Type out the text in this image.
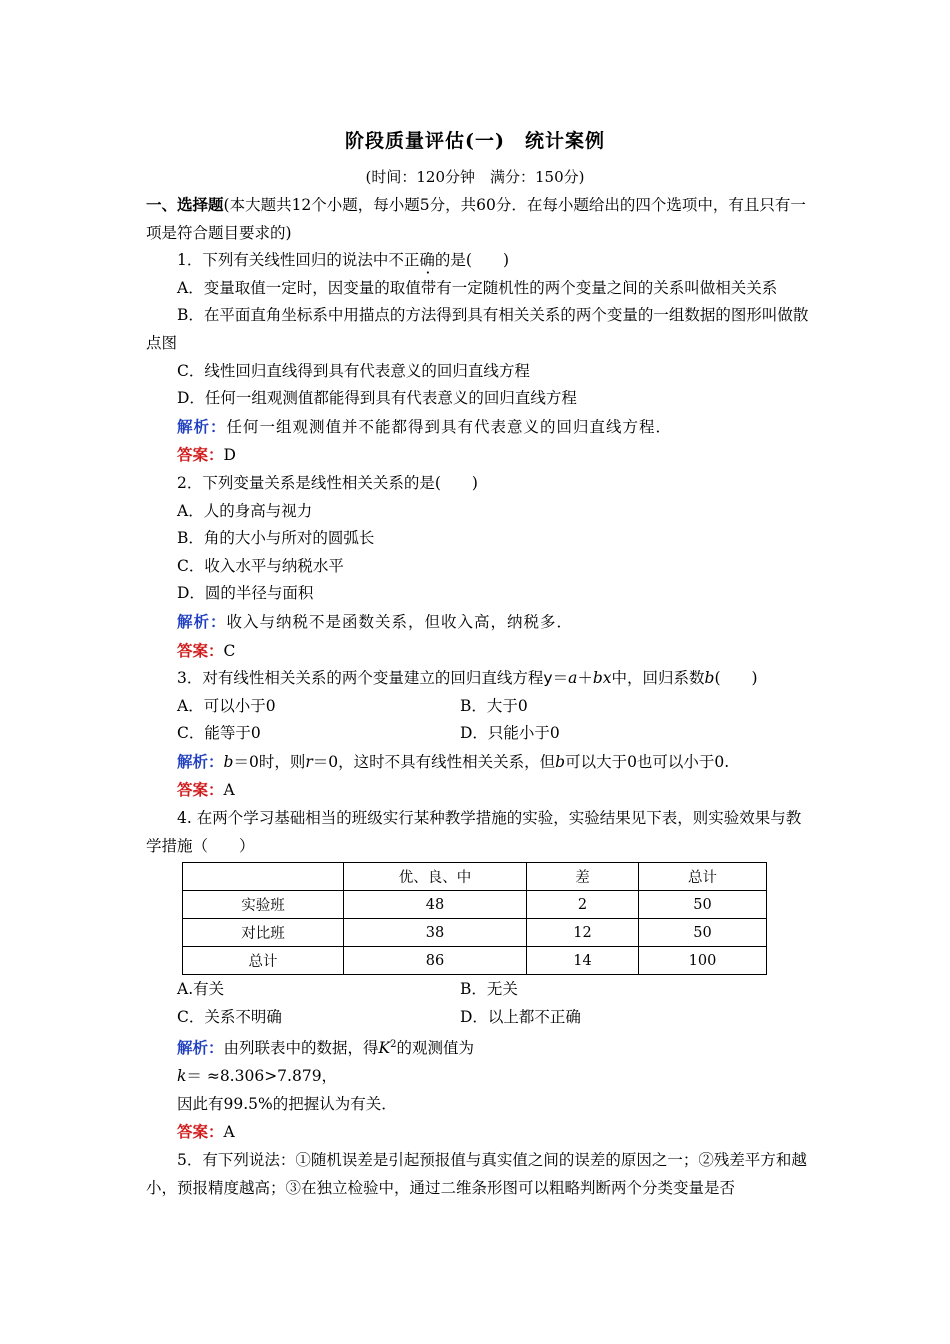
阶段质量评估(一)　统计案例
(时间：120分钟　满分：150分)

一、选择题(本大题共12个小题，每小题5分，共60分．在每小题给出的四个选项中，有且只有一项是符合题目要求的)

1．下列有关线性回归的说法中不 ·正确的是(　　)

A．变量取值一定时，因变量的取值带有一定随机性的两个变量之间的关系叫做相关关系

B．在平面直角坐标系中用描点的方法得到具有相关关系的两个变量的一组数据的图形叫做散点图

C．线性回归直线得到具有代表意义的回归直线方程

D．任何一组观测值都能得到具有代表意义的回归直线方程

解析：任何一组观测值并不能都得到具有代表意义的回归直线方程．

答案：D

2．下列变量关系是线性相关关系的是(　　)

A．人的身高与视力

B．角的大小与所对的圆弧长

C．收入水平与纳税水平

D．圆的半径与面积

解析：收入与纳税不是函数关系，但收入高，纳税多．

答案：C

3．对有线性相关关系的两个变量建立的回归直线方程y＝a＋bx中，回归系数b(　　)

A．可以小于0	B．大于0
C．能等于0	D．只能小于0

解析：b＝0时，则r＝0，这时不具有线性相关关系，但b可以大于0也可以小于0.

答案：A

4. 在两个学习基础相当的班级实行某种教学措施的实验，实验结果见下表，则实验效果与教学措施（　　）

	优、良、中	差	总计
实验班	48	2	50
对比班	38	12	50
总计	86	14	100
A.有关	B．无关
C．关系不明确	D．以上都不正确

解析：由列联表中的数据，得$K^2$的观测值为

k＝ ≈8.306>7.879，

因此有99.5%的把握认为有关．

答案：A

5．有下列说法：①随机误差是引起预报值与真实值之间的误差的原因之一；②残差平方和越小，预报精度越高；③在独立检验中，通过二维条形图可以粗略判断两个分类变量是否
